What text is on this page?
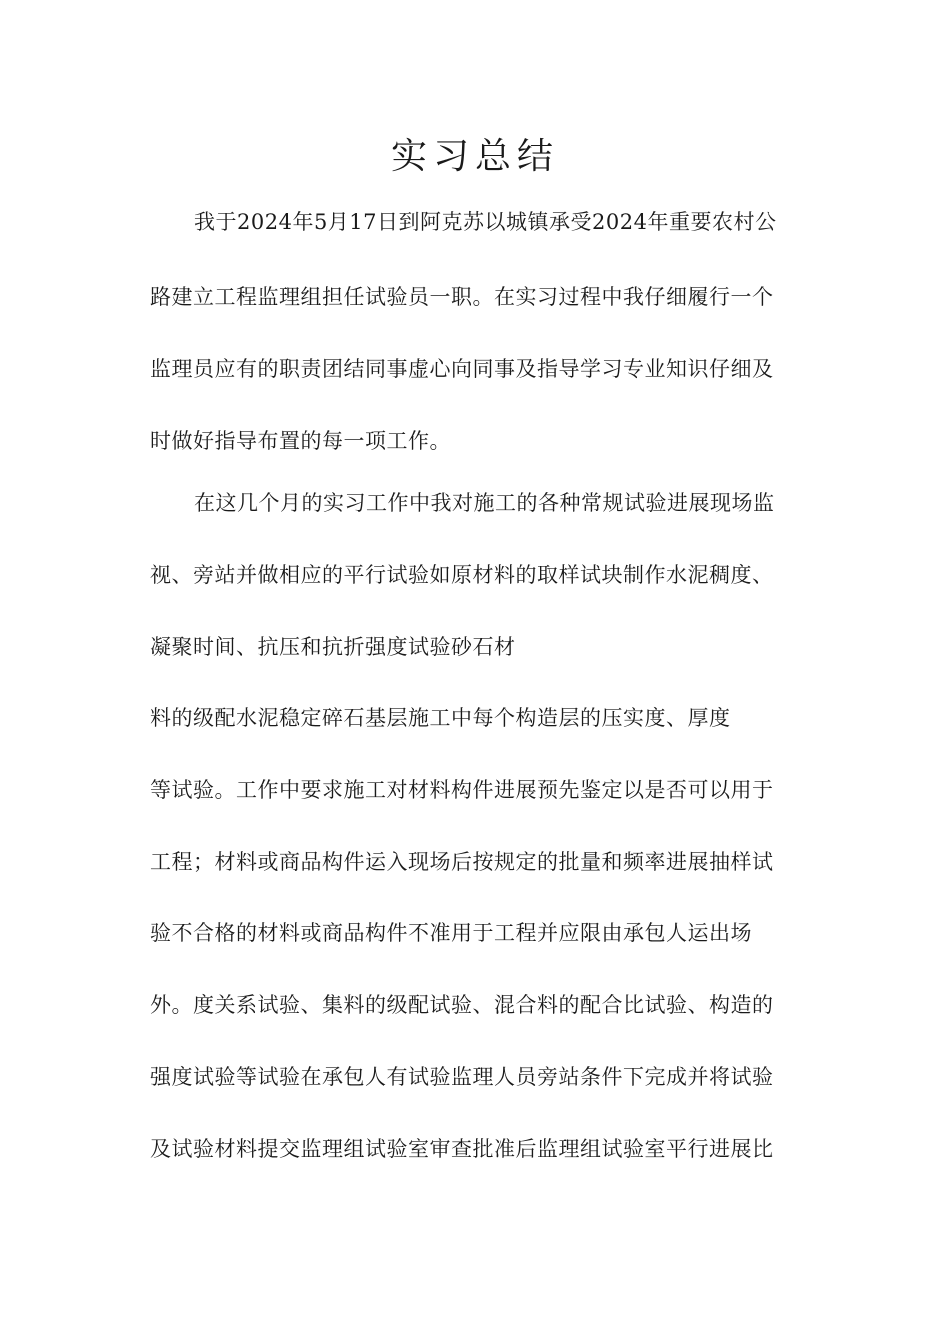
实习总结

我于2024年5月17日到阿克苏以城镇承受2024年重要农村公

路建立工程监理组担任试验员一职。在实习过程中我仔细履行一个

监理员应有的职责团结同事虚心向同事及指导学习专业知识仔细及

时做好指导布置的每一项工作。

在这几个月的实习工作中我对施工的各种常规试验进展现场监

视、旁站并做相应的平行试验如原材料的取样试块制作水泥稠度、

凝聚时间、抗压和抗折强度试验砂石材

料的级配水泥稳定碎石基层施工中每个构造层的压实度、厚度

等试验。工作中要求施工对材料构件进展预先鉴定以是否可以用于

工程；材料或商品构件运入现场后按规定的批量和频率进展抽样试

验不合格的材料或商品构件不准用于工程并应限由承包人运出场

外。度关系试验、集料的级配试验、混合料的配合比试验、构造的

强度试验等试验在承包人有试验监理人员旁站条件下完成并将试验

及试验材料提交监理组试验室审查批准后监理组试验室平行进展比
